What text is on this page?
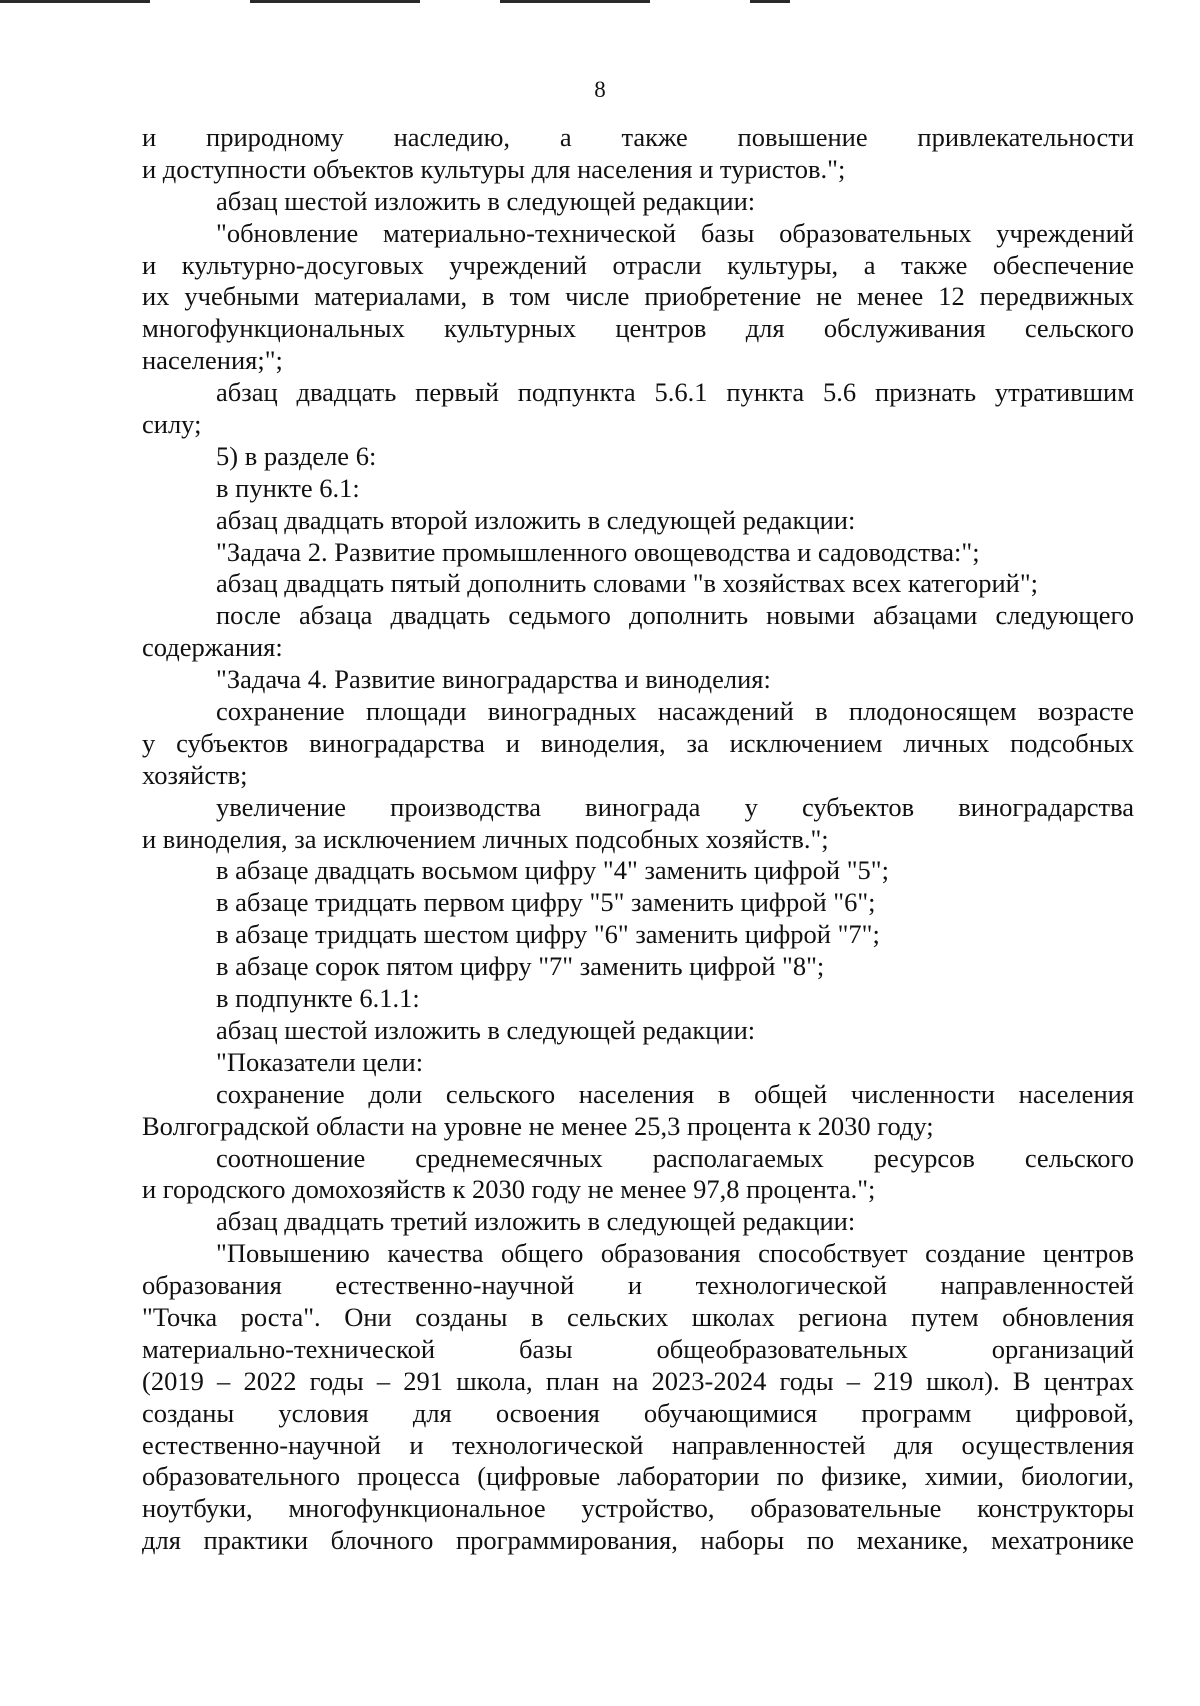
8
и природному наследию, а также повышение привлекательности
и доступности объектов культуры для населения и туристов.";
абзац шестой изложить в следующей редакции:
"обновление материально-технической базы образовательных учреждений
и культурно-досуговых учреждений отрасли культуры, а также обеспечение
их учебными материалами, в том числе приобретение не менее 12 передвижных
многофункциональных культурных центров для обслуживания сельского
населения;";
абзац двадцать первый подпункта 5.6.1 пункта 5.6 признать утратившим
силу;
5) в разделе 6:
в пункте 6.1:
абзац двадцать второй изложить в следующей редакции:
"Задача 2. Развитие промышленного овощеводства и садоводства:";
абзац двадцать пятый дополнить словами "в хозяйствах всех категорий";
после абзаца двадцать седьмого дополнить новыми абзацами следующего
содержания:
"Задача 4. Развитие виноградарства и виноделия:
сохранение площади виноградных насаждений в плодоносящем возрасте
у субъектов виноградарства и виноделия, за исключением личных подсобных
хозяйств;
увеличение производства винограда у субъектов виноградарства
и виноделия, за исключением личных подсобных хозяйств.";
в абзаце двадцать восьмом цифру "4" заменить цифрой "5";
в абзаце тридцать первом цифру "5" заменить цифрой "6";
в абзаце тридцать шестом цифру "6" заменить цифрой "7";
в абзаце сорок пятом цифру "7" заменить цифрой "8";
в подпункте 6.1.1:
абзац шестой изложить в следующей редакции:
"Показатели цели:
сохранение доли сельского населения в общей численности населения
Волгоградской области на уровне не менее 25,3 процента к 2030 году;
соотношение среднемесячных располагаемых ресурсов сельского
и городского домохозяйств к 2030 году не менее 97,8 процента.";
абзац двадцать третий изложить в следующей редакции:
"Повышению качества общего образования способствует создание центров
образования естественно-научной и технологической направленностей
"Точка роста". Они созданы в сельских школах региона путем обновления
материально-технической базы общеобразовательных организаций
(2019 – 2022 годы – 291 школа, план на 2023-2024 годы – 219 школ). В центрах
созданы условия для освоения обучающимися программ цифровой,
естественно-научной и технологической направленностей для осуществления
образовательного процесса (цифровые лаборатории по физике, химии, биологии,
ноутбуки, многофункциональное устройство, образовательные конструкторы
для практики блочного программирования, наборы по механике, мехатронике
